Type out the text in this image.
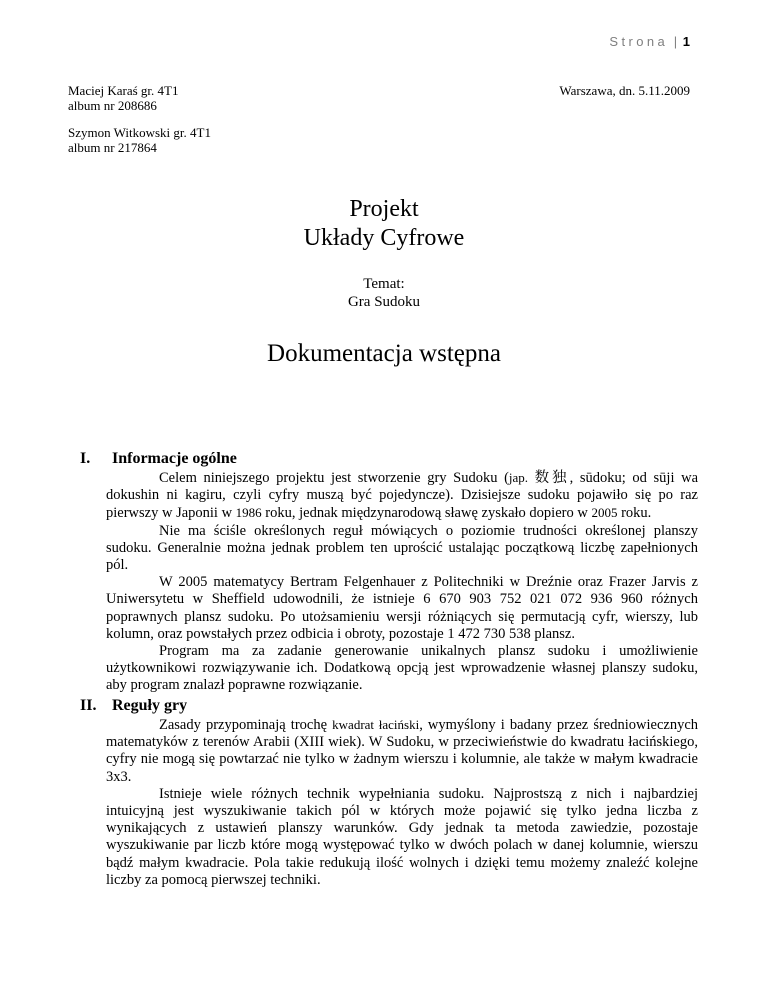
Strona | 1
Maciej Karaś gr. 4T1
album nr 208686
Warszawa, dn. 5.11.2009
Szymon Witkowski gr. 4T1
album nr 217864
Projekt
Układy Cyfrowe
Temat:
Gra Sudoku
Dokumentacja wstępna
I. Informacje ogólne

Celem niniejszego projektu jest stworzenie gry Sudoku (jap. 数独, sūdoku; od sūji wa dokushin ni kagiru, czyli cyfry muszą być pojedyncze). Dzisiejsze sudoku pojawiło się po raz pierwszy w Japonii w 1986 roku, jednak międzynarodową sławę zyskało dopiero w 2005 roku.

Nie ma ściśle określonych reguł mówiących o poziomie trudności określonej planszy sudoku. Generalnie można jednak problem ten uprościć ustalając początkową liczbę zapełnionych pól.

W 2005 matematycy Bertram Felgenhauer z Politechniki w Dreźnie oraz Frazer Jarvis z Uniwersytetu w Sheffield udowodnili, że istnieje 6 670 903 752 021 072 936 960 różnych poprawnych plansz sudoku. Po utożsamieniu wersji różniących się permutacją cyfr, wierszy, lub kolumn, oraz powstałych przez odbicia i obroty, pozostaje 1 472 730 538 plansz.

Program ma za zadanie generowanie unikalnych plansz sudoku i umożliwienie użytkownikowi rozwiązywanie ich. Dodatkową opcją jest wprowadzenie własnej planszy sudoku, aby program znalazł poprawne rozwiązanie.

II. Reguły gry

Zasady przypominają trochę kwadrat łaciński, wymyślony i badany przez średniowiecznych matematyków z terenów Arabii (XIII wiek). W Sudoku, w przeciwieństwie do kwadratu łacińskiego, cyfry nie mogą się powtarzać nie tylko w żadnym wierszu i kolumnie, ale także w małym kwadracie 3x3.

Istnieje wiele różnych technik wypełniania sudoku. Najprostszą z nich i najbardziej intuicyjną jest wyszukiwanie takich pól w których może pojawić się tylko jedna liczba z wynikających z ustawień planszy warunków. Gdy jednak ta metoda zawiedzie, pozostaje wyszukiwanie par liczb które mogą występować tylko w dwóch polach w danej kolumnie, wierszu bądź małym kwadracie. Pola takie redukują ilość wolnych i dzięki temu możemy znaleźć kolejne liczby za pomocą pierwszej techniki.
